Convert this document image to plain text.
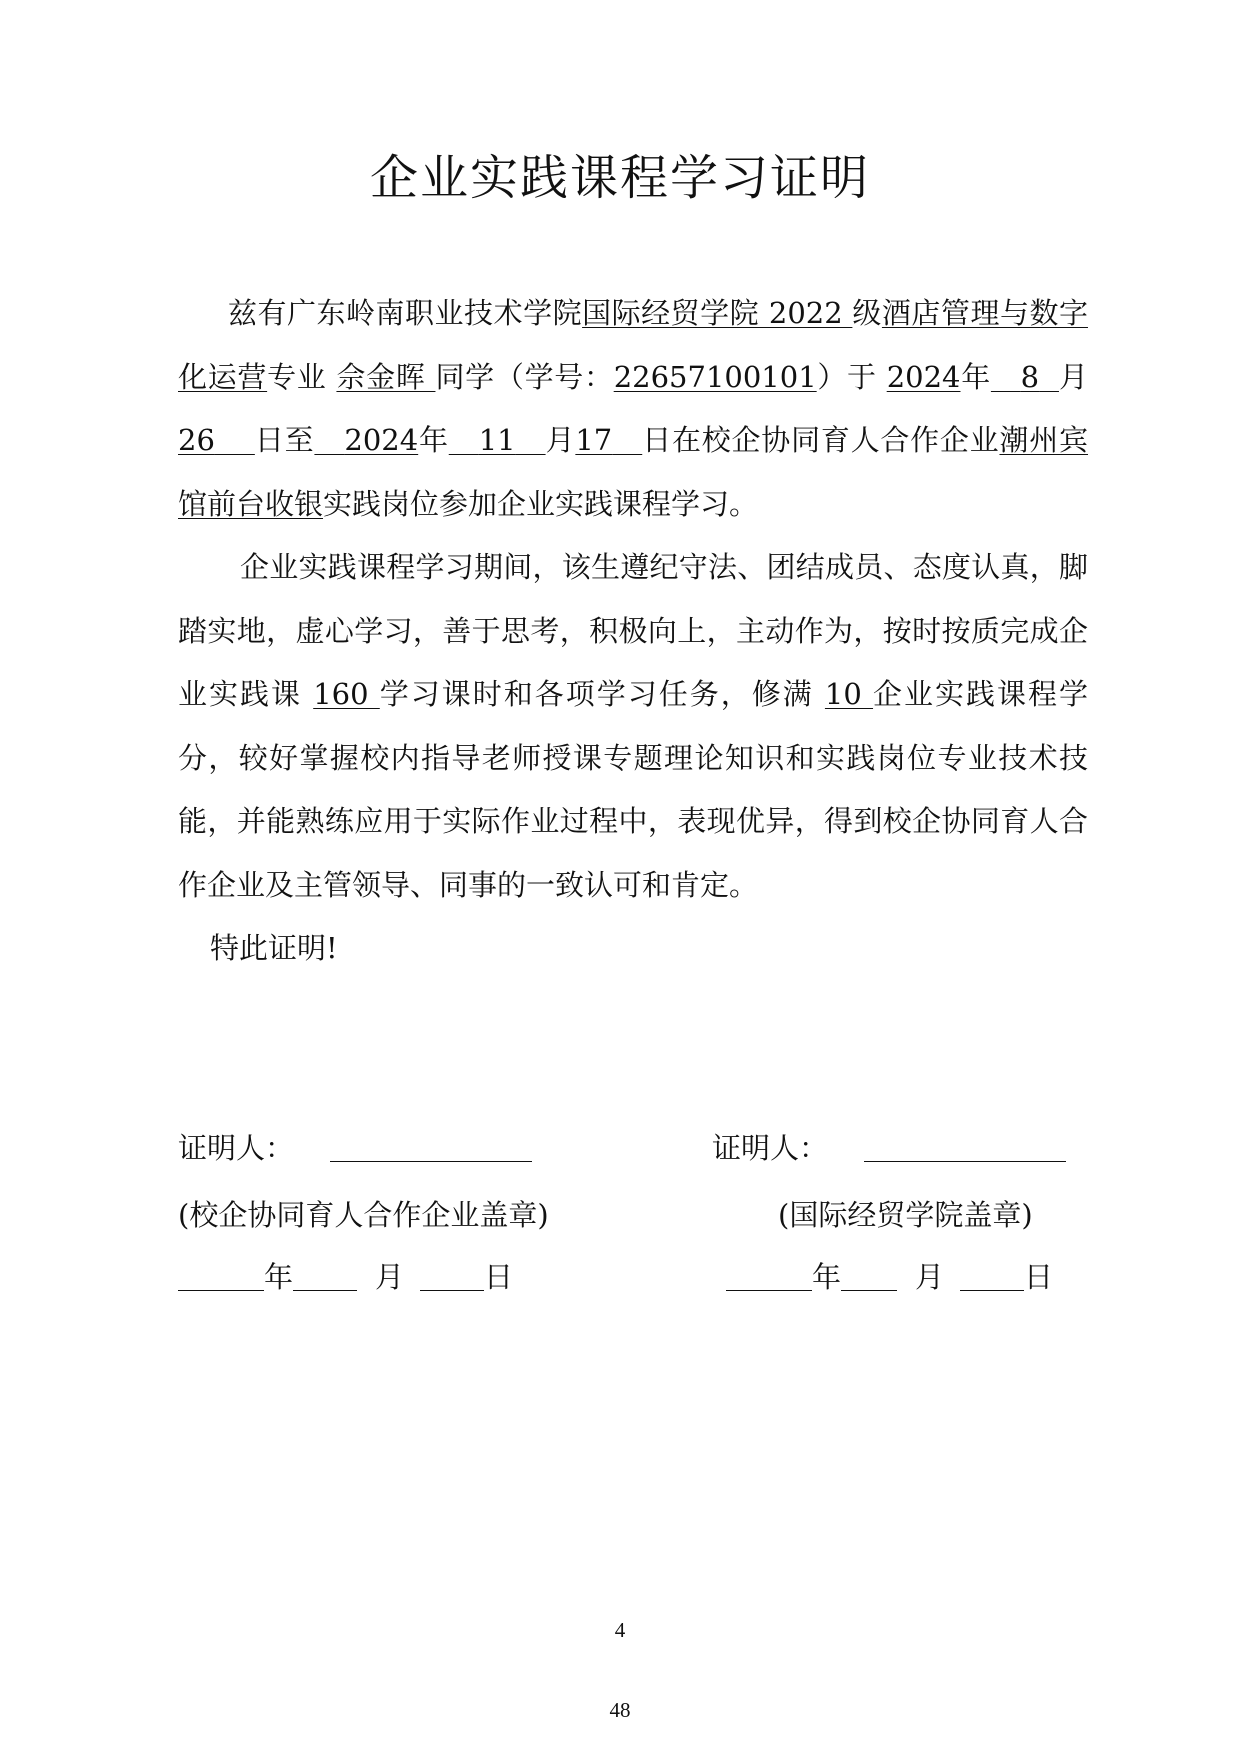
企业实践课程学习证明

兹有广东岭南职业技术学院国际经贸学院 2022 级酒店管理与数字化运营专业 佘金晖 同学（学号：22657100101）于 2024年 8 月26 日至 2024年 11 月17 日在校企协同育人合作企业潮州宾馆前台收银实践岗位参加企业实践课程学习。

企业实践课程学习期间，该生遵纪守法、团结成员、态度认真，脚踏实地，虚心学习，善于思考，积极向上，主动作为，按时按质完成企业实践课 160 学习课时和各项学习任务，修满 10 企业实践课程学分，较好掌握校内指导老师授课专题理论知识和实践岗位专业技术技能，并能熟练应用于实际作业过程中，表现优异，得到校企协同育人合作企业及主管领导、同事的一致认可和肯定。

特此证明!

证明人：
(校企协同育人合作企业盖章)
年	月	日
证明人：
(国际经贸学院盖章)
年	月	日
4
48
